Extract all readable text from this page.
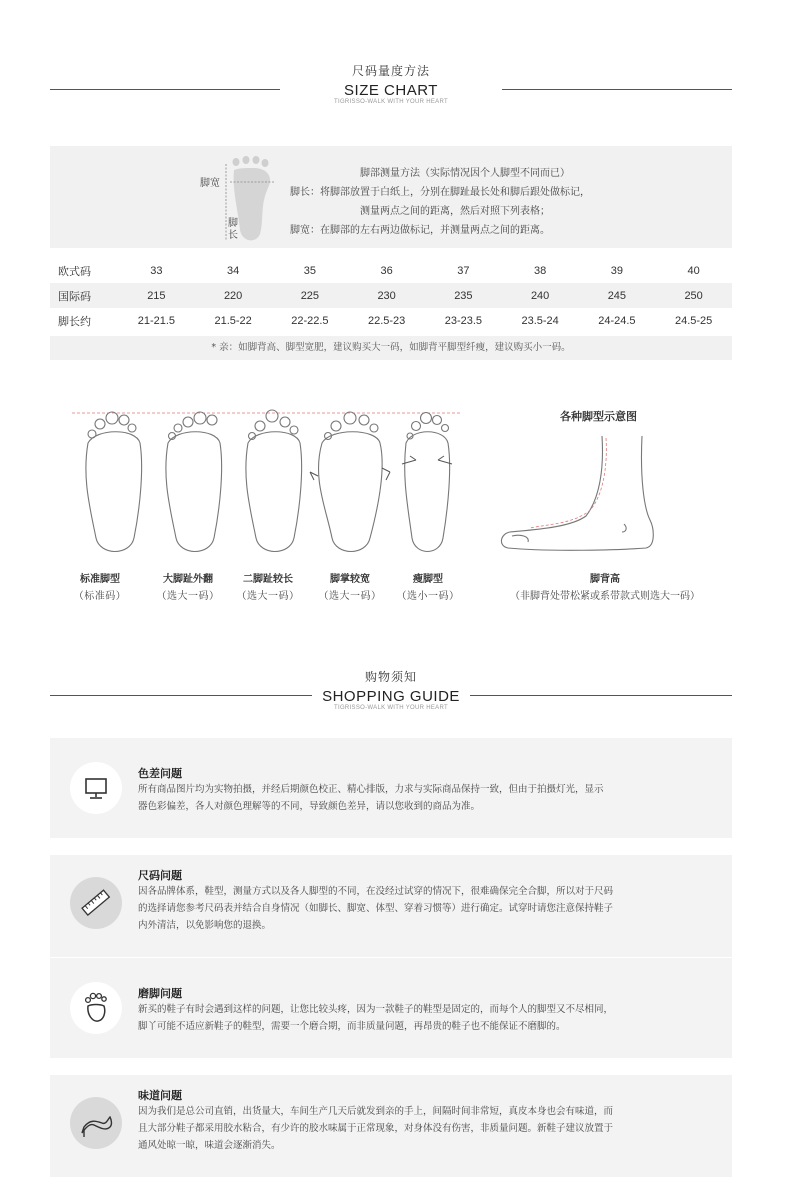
尺码量度方法
SIZE CHART
TIGRISSO-WALK WITH YOUR HEART
脚宽
脚长
脚部测量方法（实际情况因个人脚型不同而已）
脚长：将脚部放置于白纸上，分别在脚趾最长处和脚后跟处做标记，
测量两点之间的距离，然后对照下列表格；
脚宽：在脚部的左右两边做标记，并测量两点之间的距离。
欧式码	33	34	35	36	37	38	39	40
国际码	215	220	225	230	235	240	245	250
脚长约	21-21.5	21.5-22	22-22.5	22.5-23	23-23.5	23.5-24	24-24.5	24.5-25
* 亲：如脚背高、脚型宽肥，建议购买大一码，如脚背平脚型纤瘦，建议购买小一码。
标准脚型
（标准码）
大脚趾外翻
（选大一码）
二脚趾较长
（选大一码）
脚掌较宽
（选大一码）
瘦脚型
（选小一码）
各种脚型示意图
脚背高
（非脚背处带松紧或系带款式则选大一码）
购物须知
SHOPPING GUIDE
TIGRISSO-WALK WITH YOUR HEART
色差问题
所有商品图片均为实物拍摄，并经后期颜色校正、精心排版，力求与实际商品保持一致，但由于拍摄灯光，显示
器色彩偏差，各人对颜色理解等的不同，导致颜色差异，请以您收到的商品为准。
尺码问题
因各品牌体系，鞋型，测量方式以及各人脚型的不同，在没经过试穿的情况下，很难确保完全合脚，所以对于尺码
的选择请您参考尺码表并结合自身情况（如脚长、脚宽、体型、穿着习惯等）进行确定。试穿时请您注意保持鞋子
内外清洁，以免影响您的退换。
磨脚问题
新买的鞋子有时会遇到这样的问题，让您比较头疼，因为一款鞋子的鞋型是固定的，而每个人的脚型又不尽相同，
脚丫可能不适应新鞋子的鞋型，需要一个磨合期，而非质量问题，再昂贵的鞋子也不能保证不磨脚的。
味道问题
因为我们是总公司直销，出货量大，车间生产几天后就发到亲的手上，间隔时间非常短，真皮本身也会有味道，而
且大部分鞋子都采用胶水粘合，有少许的胶水味属于正常现象，对身体没有伤害，非质量问题。新鞋子建议放置于
通风处晾一晾，味道会逐渐消失。
